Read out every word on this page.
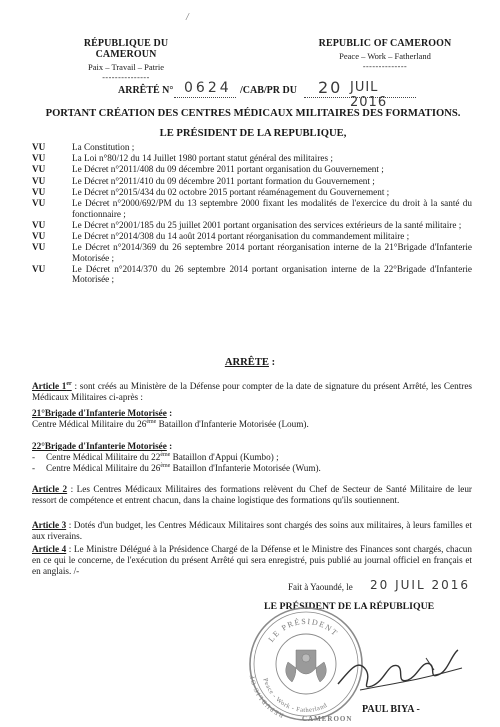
/
RÉPUBLIQUE DU CAMEROUN
Paix – Travail – Patrie
---------------
REPUBLIC OF CAMEROON
Peace – Work – Fatherland
--------------
ARRÊTÉ N° 0624 /CAB/PR DU 20 JUIL 2016
PORTANT CRÉATION DES CENTRES MÉDICAUX MILITAIRES DES FORMATIONS.
LE PRÉSIDENT DE LA REPUBLIQUE,
VU	La Constitution ;
VU	La Loi n°80/12 du 14 Juillet 1980 portant statut général des militaires ;
VU	Le Décret n°2011/408 du 09 décembre 2011 portant organisation du Gouvernement ;
VU	Le Décret n°2011/410 du 09 décembre 2011 portant formation du Gouvernement ;
VU	Le Décret n°2015/434 du 02 octobre 2015 portant réaménagement du Gouvernement ;
VU	Le Décret n°2000/692/PM du 13 septembre 2000 fixant les modalités de l'exercice du droit à la santé du fonctionnaire ;
VU	Le Décret n°2001/185 du 25 juillet 2001 portant organisation des services extérieurs de la santé militaire ;
VU	Le Décret n°2014/308 du 14 août 2014 portant réorganisation du commandement militaire ;
VU	Le Décret n°2014/369 du 26 septembre 2014 portant réorganisation interne de la 21°Brigade d'Infanterie Motorisée ;
VU	Le Décret n°2014/370 du 26 septembre 2014 portant organisation interne de la 22°Brigade d'Infanterie Motorisée ;
ARRÊTE :
Article 1er : sont créés au Ministère de la Défense pour compter de la date de signature du présent Arrêté, les Centres Médicaux Militaires ci-après :
21°Brigade d'Infanterie Motorisée :
Centre Médical Militaire du 26ème Bataillon d'Infanterie Motorisée (Loum).
22°Brigade d'Infanterie Motorisée :
- Centre Médical Militaire du 22ème Bataillon d'Appui (Kumbo) ;
- Centre Médical Militaire du 26ème Bataillon d'Infanterie Motorisée (Wum).
Article 2 : Les Centres Médicaux Militaires des formations relèvent du Chef de Secteur de Santé Militaire de leur ressort de compétence et entrent chacun, dans la chaine logistique des formations qu'ils soutiennent.
Article 3 : Dotés d'un budget, les Centres Médicaux Militaires sont chargés des soins aux militaires, à leurs familles et aux riverains.
Article 4 : Le Ministre Délégué à la Présidence Chargé de la Défense et le Ministre des Finances sont chargés, chacun en ce qui le concerne, de l'exécution du présent Arrêté qui sera enregistré, puis publié au journal officiel en français et en anglais. /-
Fait à Yaoundé, le 20 JUIL 2016
LE PRÉSIDENT DE LA RÉPUBLIQUE
LE PRÉSIDENT
Peace - Work - Fatherland
REPUBLIC OF
CAMEROON
PAUL BIYA -
